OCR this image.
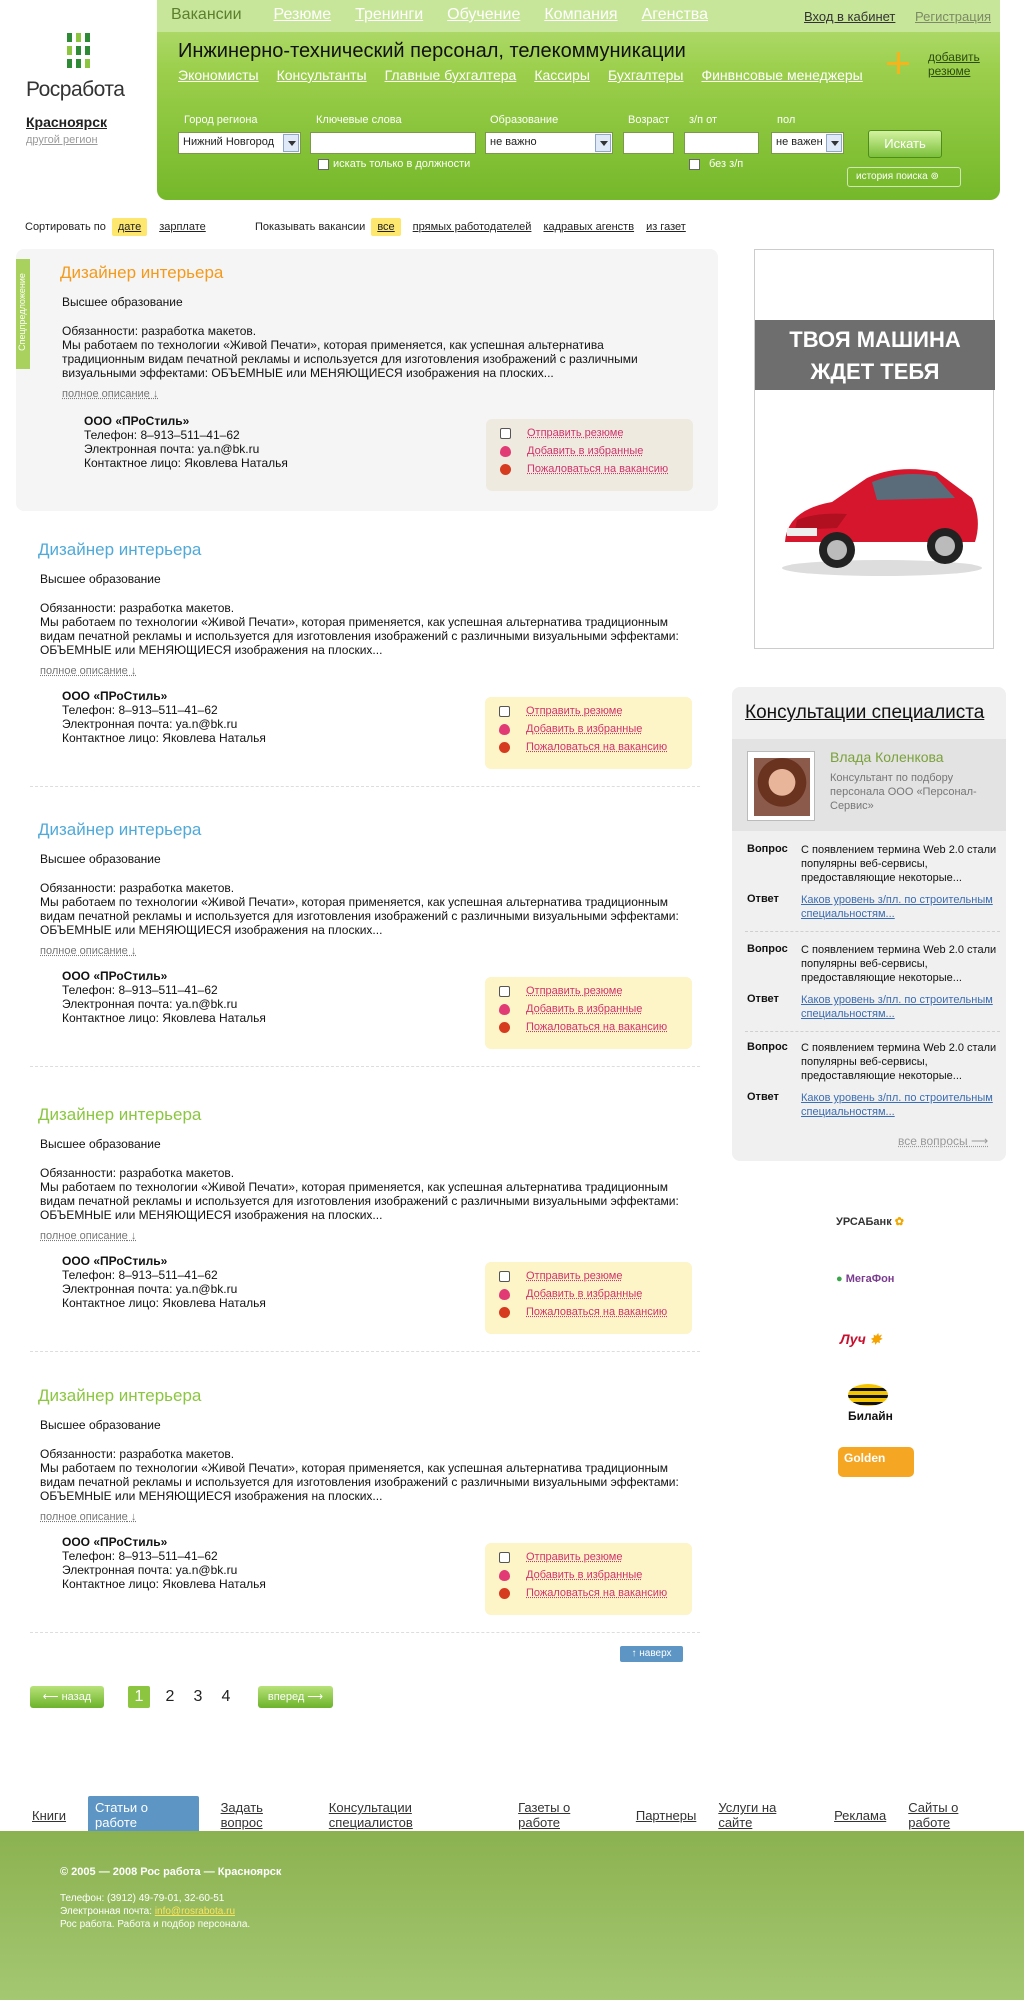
Росработа
Красноярск
другой регион
Вакансии	Резюме Тренинги Обучение Компания Агенства	Вход в кабинет Регистрация
Инжинерно-технический персонал, телекоммуникации
Экономисты Консультанты Главные бухгалтера Кассиры Бухгалтеры Финвнсовые менеджеры
добавить резюме
Город региона
Нижний Новгород
Ключевые слова
искать только в должности
Образование
не важно
Возраст з/п от
без з/п
пол
не важен	Искать
история поиска ⊚
Сортировать по	дате	зарплате	Показывать вакансии	все	прямых работодателей кадравых агенств из газет
Спецпредложение
Дизайнер интерьера
Высшее образование
Обязанности: разработка макетов.
Мы работаем по технологии «Живой Печати», которая применяется, как успешная альтернатива традиционным видам печатной рекламы и используется для изготовления изображений с различными визуальными эффектами: ОБЪЕМНЫЕ или МЕНЯЮЩИЕСЯ изображения на плоских...
полное описание ↓
ООО «ПРоСтиль»
Телефон: 8–913–511–41–62
Электронная почта: ya.n@bk.ru
Контактное лицо: Яковлева Наталья
Отправить резюме
Добавить в избранные
Пожаловаться на вакансию
Дизайнер интерьера
Высшее образование
Обязанности: разработка макетов.
Мы работаем по технологии «Живой Печати», которая применяется, как успешная альтернатива традиционным видам печатной рекламы и используется для изготовления изображений с различными визуальными эффектами: ОБЪЕМНЫЕ или МЕНЯЮЩИЕСЯ изображения на плоских...
полное описание ↓
ООО «ПРоСтиль»
Телефон: 8–913–511–41–62
Электронная почта: ya.n@bk.ru
Контактное лицо: Яковлева Наталья
Отправить резюме
Добавить в избранные
Пожаловаться на вакансию
Дизайнер интерьера
Высшее образование
Обязанности: разработка макетов.
Мы работаем по технологии «Живой Печати», которая применяется, как успешная альтернатива традиционным видам печатной рекламы и используется для изготовления изображений с различными визуальными эффектами: ОБЪЕМНЫЕ или МЕНЯЮЩИЕСЯ изображения на плоских...
полное описание ↓
ООО «ПРоСтиль»
Телефон: 8–913–511–41–62
Электронная почта: ya.n@bk.ru
Контактное лицо: Яковлева Наталья
Отправить резюме
Добавить в избранные
Пожаловаться на вакансию
Дизайнер интерьера
Высшее образование
Обязанности: разработка макетов.
Мы работаем по технологии «Живой Печати», которая применяется, как успешная альтернатива традиционным видам печатной рекламы и используется для изготовления изображений с различными визуальными эффектами: ОБЪЕМНЫЕ или МЕНЯЮЩИЕСЯ изображения на плоских...
полное описание ↓
ООО «ПРоСтиль»
Телефон: 8–913–511–41–62
Электронная почта: ya.n@bk.ru
Контактное лицо: Яковлева Наталья
Отправить резюме
Добавить в избранные
Пожаловаться на вакансию
Дизайнер интерьера
Высшее образование
Обязанности: разработка макетов.
Мы работаем по технологии «Живой Печати», которая применяется, как успешная альтернатива традиционным видам печатной рекламы и используется для изготовления изображений с различными визуальными эффектами: ОБЪЕМНЫЕ или МЕНЯЮЩИЕСЯ изображения на плоских...
полное описание ↓
ООО «ПРоСтиль»
Телефон: 8–913–511–41–62
Электронная почта: ya.n@bk.ru
Контактное лицо: Яковлева Наталья
Отправить резюме
Добавить в избранные
Пожаловаться на вакансию
↑ наверх
⟵ назад	1	2	3	4	вперед ⟶
ТВОЯ МАШИНА
ЖДЕТ ТЕБЯ
Консультации специалиста
Влада Коленкова
Консультант по подбору персонала ООО «Персонал-Сервис»
Вопрос С появлением термина Web 2.0 стали популярны веб-сервисы, предоставляющие некоторые...
Ответ Каков уровень з/пл. по строительным специальностям...
Вопрос С появлением термина Web 2.0 стали популярны веб-сервисы, предоставляющие некоторые...
Ответ Каков уровень з/пл. по строительным специальностям...
Вопрос С появлением термина Web 2.0 стали популярны веб-сервисы, предоставляющие некоторые...
Ответ Каков уровень з/пл. по строительным специальностям...
все вопросы ⟶
УРСАБанк ✿
● МегаФон
Луч ✸
Билайн
Golden
Книги	Статьи о работе
Задать вопрос
Консультации специалистов
Газеты о работе	Партнеры Услуги на сайте	Реклама Сайты о работе
© 2005 — 2008 Рос работа — Красноярск
Телефон: (3912) 49-79-01, 32-60-51
Электронная почта: info@rosrabota.ru
Рос работа. Работа и подбор персонала.
